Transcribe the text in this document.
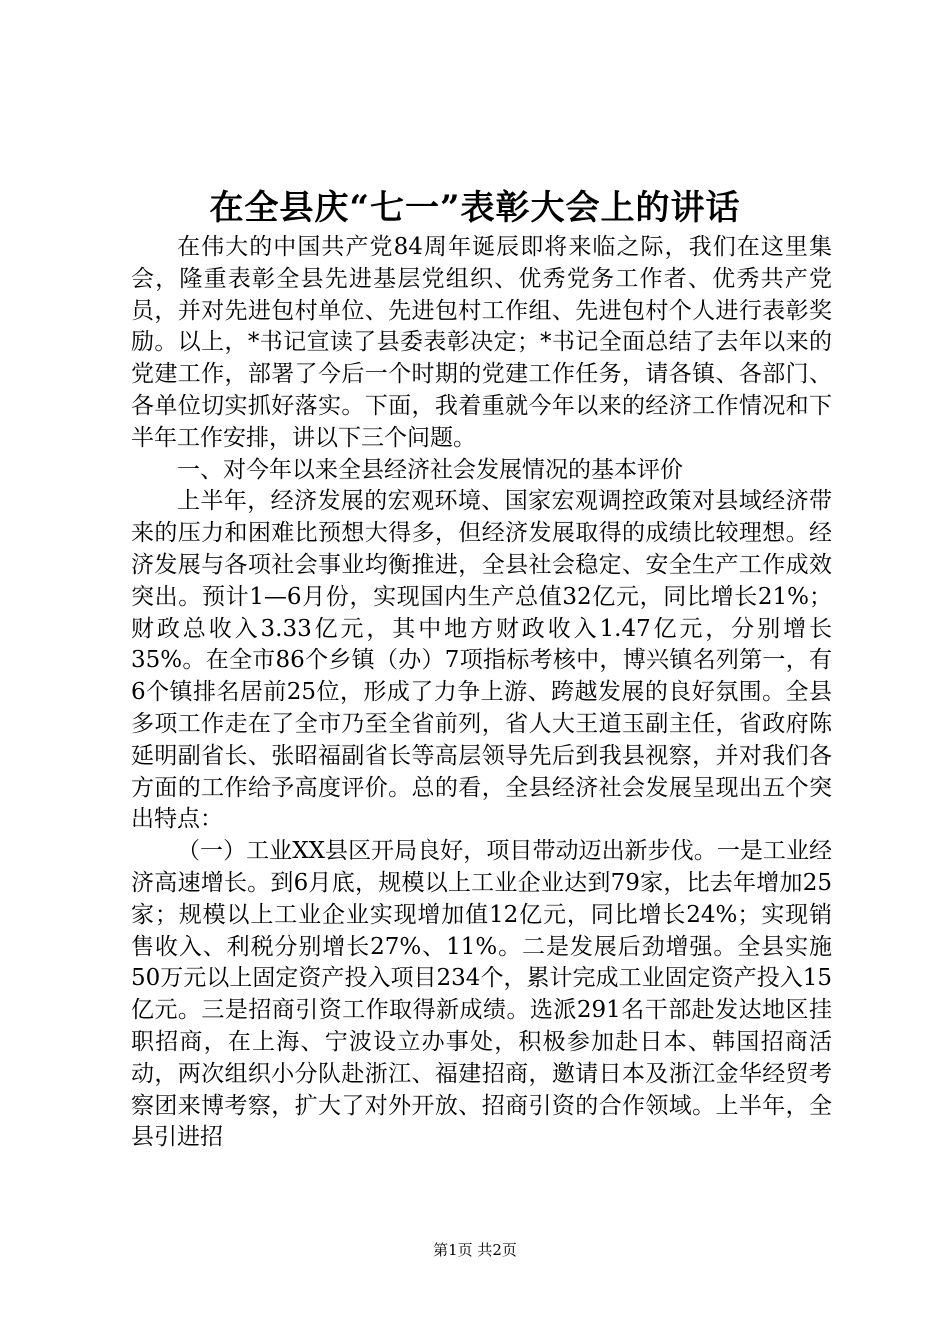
在全县庆“七一”表彰大会上的讲话

在伟大的中国共产党84周年诞辰即将来临之际，我们在这里集会，隆重表彰全县先进基层党组织、优秀党务工作者、优秀共产党员，并对先进包村单位、先进包村工作组、先进包村个人进行表彰奖励。以上，*书记宣读了县委表彰决定；*书记全面总结了去年以来的党建工作，部署了今后一个时期的党建工作任务，请各镇、各部门、各单位切实抓好落实。下面，我着重就今年以来的经济工作情况和下半年工作安排，讲以下三个问题。

一、对今年以来全县经济社会发展情况的基本评价

上半年，经济发展的宏观环境、国家宏观调控政策对县域经济带来的压力和困难比预想大得多，但经济发展取得的成绩比较理想。经济发展与各项社会事业均衡推进，全县社会稳定、安全生产工作成效突出。预计1—6月份，实现国内生产总值32亿元，同比增长21%；财政总收入3.33亿元，其中地方财政收入1.47亿元，分别增长35%。在全市86个乡镇（办）7项指标考核中，博兴镇名列第一，有6个镇排名居前25位，形成了力争上游、跨越发展的良好氛围。全县多项工作走在了全市乃至全省前列，省人大王道玉副主任，省政府陈延明副省长、张昭福副省长等高层领导先后到我县视察，并对我们各方面的工作给予高度评价。总的看，全县经济社会发展呈现出五个突出特点：

（一）工业XX县区开局良好，项目带动迈出新步伐。一是工业经济高速增长。到6月底，规模以上工业企业达到79家，比去年增加25家；规模以上工业企业实现增加值12亿元，同比增长24%；实现销售收入、利税分别增长27%、11%。二是发展后劲增强。全县实施50万元以上固定资产投入项目234个，累计完成工业固定资产投入15亿元。三是招商引资工作取得新成绩。选派291名干部赴发达地区挂职招商，在上海、宁波设立办事处，积极参加赴日本、韩国招商活动，两次组织小分队赴浙江、福建招商，邀请日本及浙江金华经贸考察团来博考察，扩大了对外开放、招商引资的合作领域。上半年，全县引进招

第1页 共2页
